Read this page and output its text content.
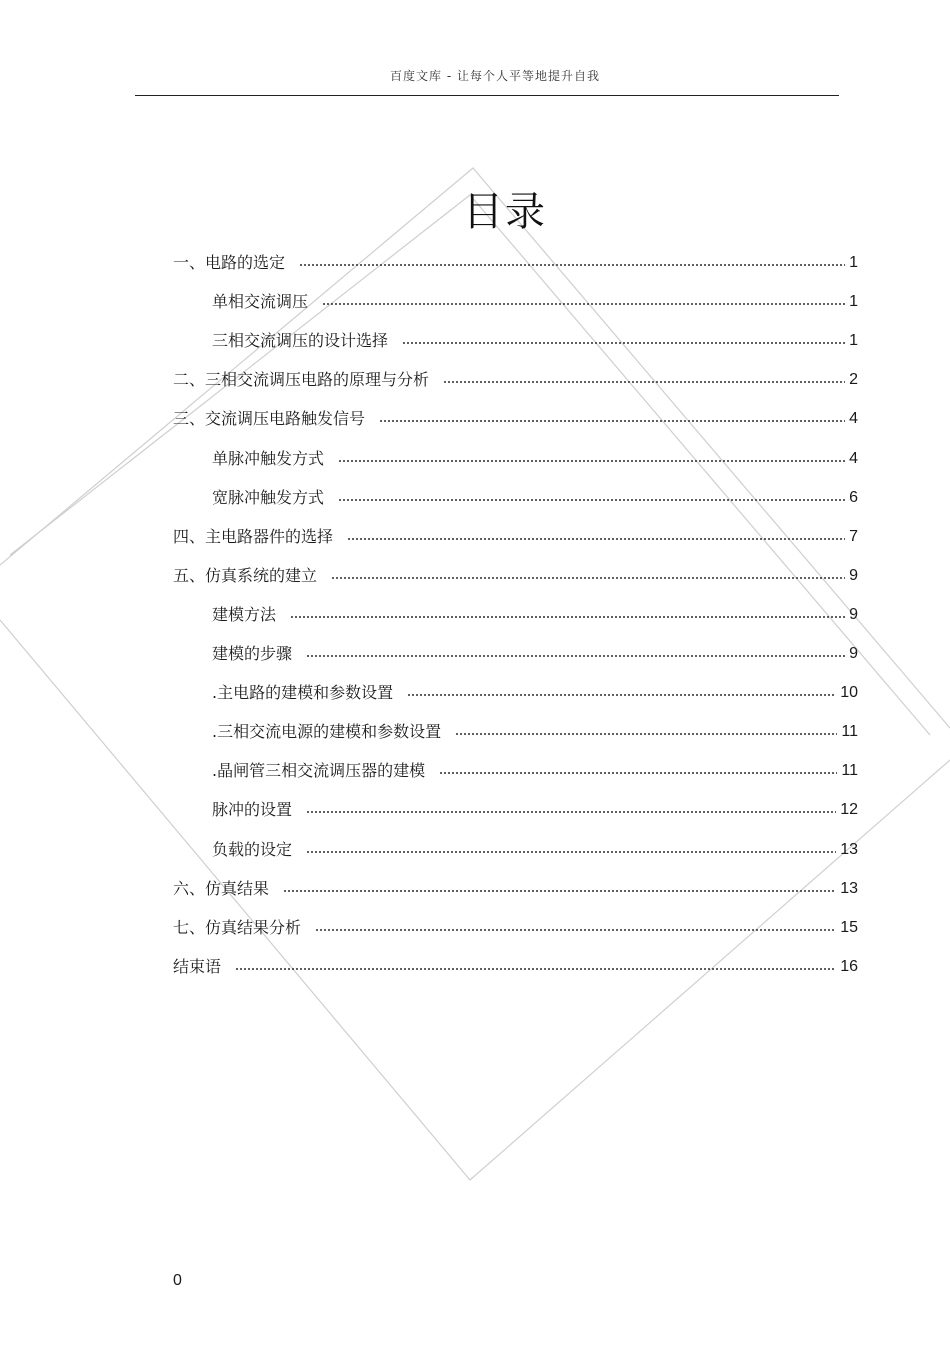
百度文库 - 让每个人平等地提升自我
目录
一、电路的选定	1
单相交流调压	1
三相交流调压的设计选择	1
二、三相交流调压电路的原理与分析	2
三、交流调压电路触发信号	4
单脉冲触发方式	4
宽脉冲触发方式	6
四、主电路器件的选择	7
五、仿真系统的建立	9
建模方法	9
建模的步骤	9
.主电路的建模和参数设置	10
.三相交流电源的建模和参数设置	11
.晶闸管三相交流调压器的建模	11
脉冲的设置	12
负载的设定	13
六、仿真结果	13
七、仿真结果分析	15
结束语	16
0
